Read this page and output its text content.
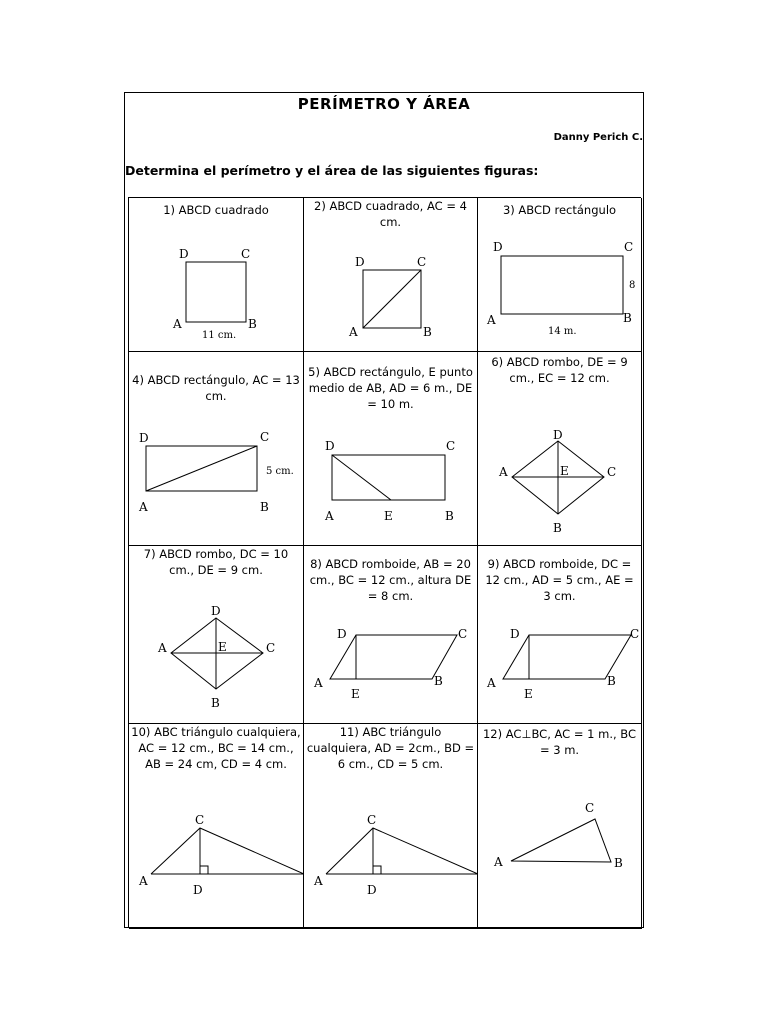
PERÍMETRO Y ÁREA
Danny Perich C.
Determina el perímetro y el área de las siguientes figuras:
1) ABCD cuadrado
D	C
A	B
11 cm.
2) ABCD cuadrado, AC = 4 cm.
D	C
A	B
3) ABCD rectángulo
D	C
A	B
8
14 m.
4) ABCD rectángulo, AC = 13 cm.
D	C
A	B
5 cm.
5) ABCD rectángulo, E punto medio de AB, AD = 6 m., DE = 10 m.
D	C
A	E	B
6) ABCD rombo, DE = 9 cm., EC = 12 cm.
D
C
A	E
B
7) ABCD rombo, DC = 10 cm., DE = 9 cm.
D
C
A	E
B
8) ABCD romboide, AB = 20 cm., BC = 12 cm., altura DE = 8 cm.
D	C
A
E
B
9) ABCD romboide, DC = 12 cm., AD = 5 cm., AE = 3 cm.
D	C
A
E
B
10) ABC triángulo cualquiera, AC = 12 cm., BC = 14 cm., AB = 24 cm, CD = 4 cm.
C
A
D
11) ABC triángulo cualquiera, AD = 2cm., BD = 6 cm., CD = 5 cm.
C
A
D
12) AC⊥BC, AC = 1 m., BC = 3 m.
C
A	B
